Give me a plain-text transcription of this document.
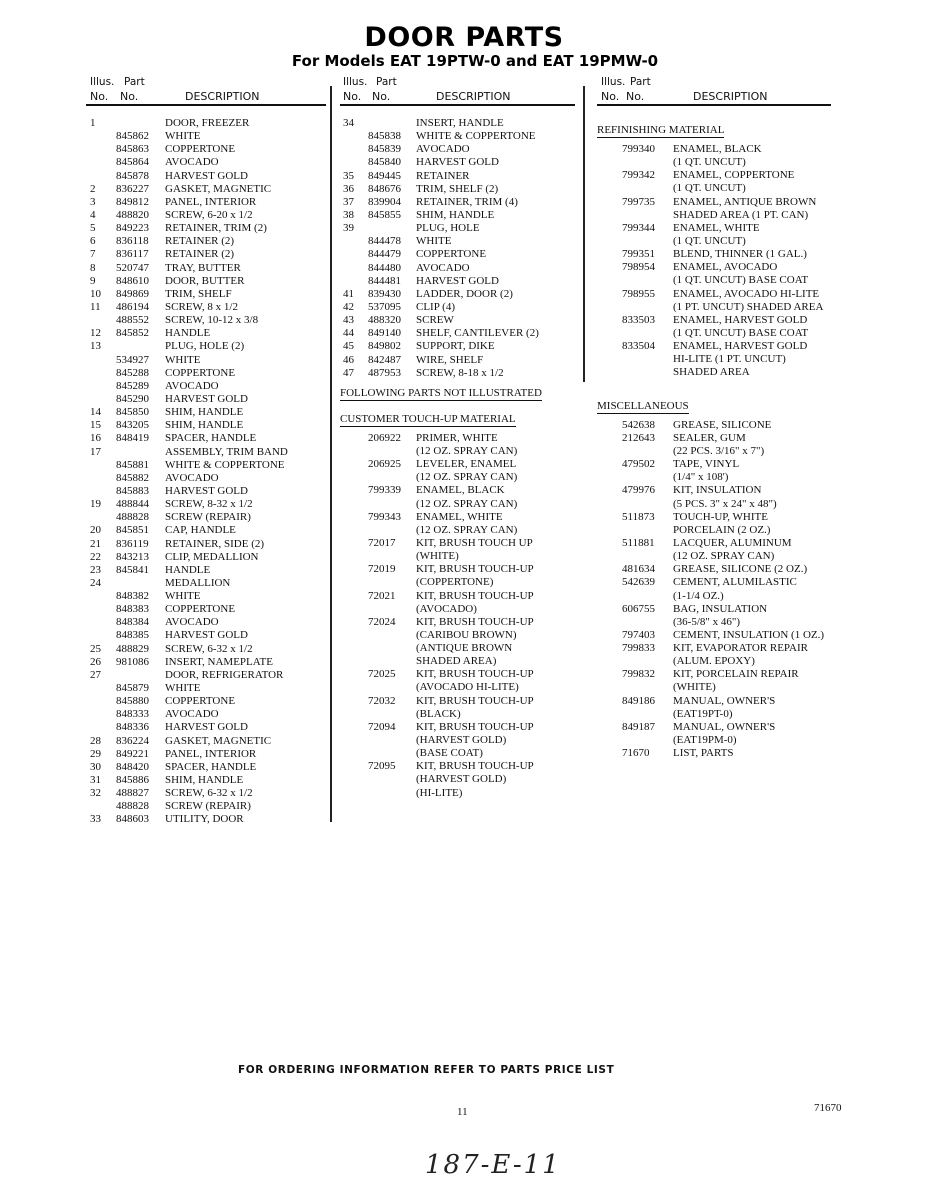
DOOR PARTS
For Models EAT 19PTW-0 and EAT 19PMW-0
Illus. Part
No. No.	DESCRIPTION
1	DOOR, FREEZER
845862 WHITE
845863 COPPERTONE
845864 AVOCADO
845878 HARVEST GOLD
2 836227 GASKET, MAGNETIC
3 849812 PANEL, INTERIOR
4 488820 SCREW, 6-20 x 1/2
5 849223 RETAINER, TRIM (2)
6 836118 RETAINER (2)
7 836117 RETAINER (2)
8 520747 TRAY, BUTTER
9 848610 DOOR, BUTTER
10 849869 TRIM, SHELF
11 486194 SCREW, 8 x 1/2
488552 SCREW, 10-12 x 3/8
12 845852 HANDLE
13	PLUG, HOLE (2)
534927 WHITE
845288 COPPERTONE
845289 AVOCADO
845290 HARVEST GOLD
14 845850 SHIM, HANDLE
15 843205 SHIM, HANDLE
16 848419 SPACER, HANDLE
17	ASSEMBLY, TRIM BAND
845881 WHITE & COPPERTONE
845882 AVOCADO
845883 HARVEST GOLD
19 488844 SCREW, 8-32 x 1/2
488828 SCREW (REPAIR)
20 845851 CAP, HANDLE
21 836119 RETAINER, SIDE (2)
22 843213 CLIP, MEDALLION
23 845841 HANDLE
24	MEDALLION
848382 WHITE
848383 COPPERTONE
848384 AVOCADO
848385 HARVEST GOLD
25 488829 SCREW, 6-32 x 1/2
26 981086 INSERT, NAMEPLATE
27	DOOR, REFRIGERATOR
845879 WHITE
845880 COPPERTONE
848333 AVOCADO
848336 HARVEST GOLD
28 836224 GASKET, MAGNETIC
29 849221 PANEL, INTERIOR
30 848420 SPACER, HANDLE
31 845886 SHIM, HANDLE
32 488827 SCREW, 6-32 x 1/2
488828 SCREW (REPAIR)
33 848603 UTILITY, DOOR
Illus. Part
No. No.	DESCRIPTION
34	INSERT, HANDLE
845838 WHITE & COPPERTONE
845839 AVOCADO
845840 HARVEST GOLD
35 849445 RETAINER
36 848676 TRIM, SHELF (2)
37 839904 RETAINER, TRIM (4)
38 845855 SHIM, HANDLE
39	PLUG, HOLE
844478 WHITE
844479 COPPERTONE
844480 AVOCADO
844481 HARVEST GOLD
41 839430 LADDER, DOOR (2)
42 537095 CLIP (4)
43 488320 SCREW
44 849140 SHELF, CANTILEVER (2)
45 849802 SUPPORT, DIKE
46 842487 WIRE, SHELF
47 487953 SCREW, 8-18 x 1/2
FOLLOWING PARTS NOT ILLUSTRATED
CUSTOMER TOUCH-UP MATERIAL
206922 PRIMER, WHITE
(12 OZ. SPRAY CAN)
206925 LEVELER, ENAMEL
(12 OZ. SPRAY CAN)
799339 ENAMEL, BLACK
(12 OZ. SPRAY CAN)
799343 ENAMEL, WHITE
(12 OZ. SPRAY CAN)
72017 KIT, BRUSH TOUCH UP
(WHITE)
72019 KIT, BRUSH TOUCH-UP
(COPPERTONE)
72021 KIT, BRUSH TOUCH-UP
(AVOCADO)
72024 KIT, BRUSH TOUCH-UP
(CARIBOU BROWN)
(ANTIQUE BROWN
SHADED AREA)
72025 KIT, BRUSH TOUCH-UP
(AVOCADO HI-LITE)
72032 KIT, BRUSH TOUCH-UP
(BLACK)
72094 KIT, BRUSH TOUCH-UP
(HARVEST GOLD)
(BASE COAT)
72095 KIT, BRUSH TOUCH-UP
(HARVEST GOLD)
(HI-LITE)
Illus. Part
No. No.	DESCRIPTION
REFINISHING MATERIAL
799340 ENAMEL, BLACK
(1 QT. UNCUT)
799342 ENAMEL, COPPERTONE
(1 QT. UNCUT)
799735 ENAMEL, ANTIQUE BROWN
SHADED AREA (1 PT. CAN)
799344 ENAMEL, WHITE
(1 QT. UNCUT)
799351 BLEND, THINNER (1 GAL.)
798954 ENAMEL, AVOCADO
(1 QT. UNCUT) BASE COAT
798955 ENAMEL, AVOCADO HI-LITE
(1 PT. UNCUT) SHADED AREA
833503 ENAMEL, HARVEST GOLD
(1 QT. UNCUT) BASE COAT
833504 ENAMEL, HARVEST GOLD
HI-LITE (1 PT. UNCUT)
SHADED AREA
MISCELLANEOUS
542638 GREASE, SILICONE
212643 SEALER, GUM
(22 PCS. 3/16" x 7")
479502 TAPE, VINYL
(1/4" x 108')
479976 KIT, INSULATION
(5 PCS. 3" x 24" x 48")
511873 TOUCH-UP, WHITE
PORCELAIN (2 OZ.)
511881 LACQUER, ALUMINUM
(12 OZ. SPRAY CAN)
481634 GREASE, SILICONE (2 OZ.)
542639 CEMENT, ALUMILASTIC
(1-1/4 OZ.)
606755 BAG, INSULATION
(36-5/8" x 46")
797403 CEMENT, INSULATION (1 OZ.)
799833 KIT, EVAPORATOR REPAIR
(ALUM. EPOXY)
799832 KIT, PORCELAIN REPAIR
(WHITE)
849186 MANUAL, OWNER'S
(EAT19PT-0)
849187 MANUAL, OWNER'S
(EAT19PM-0)
71670 LIST, PARTS
FOR ORDERING INFORMATION REFER TO PARTS PRICE LIST
11	71670
187-E-11
